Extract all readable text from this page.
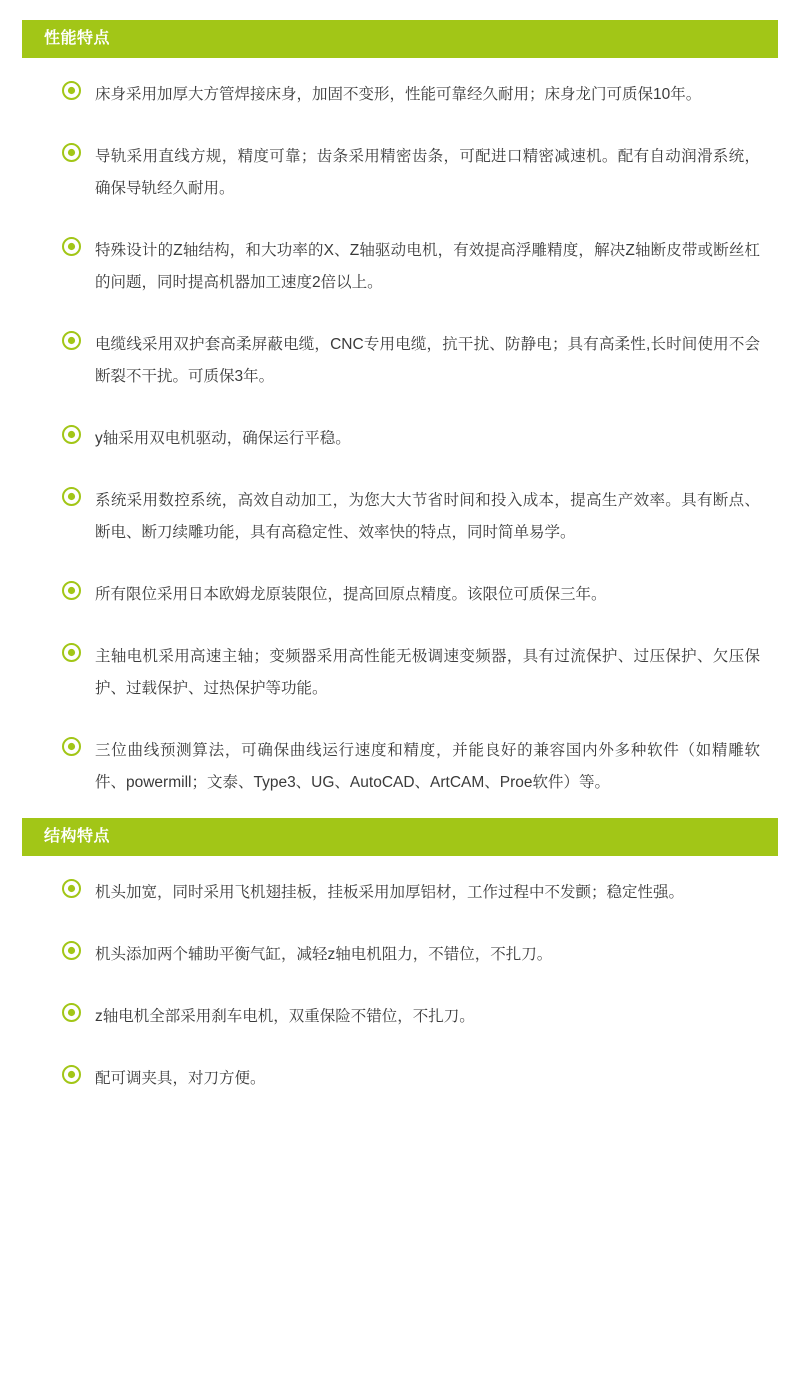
性能特点
床身采用加厚大方管焊接床身，加固不变形，性能可靠经久耐用；床身龙门可质保10年。
导轨采用直线方规，精度可靠；齿条采用精密齿条，可配进口精密减速机。配有自动润滑系统，确保导轨经久耐用。
特殊设计的Z轴结构，和大功率的X、Z轴驱动电机，有效提高浮雕精度，解决Z轴断皮带或断丝杠的问题，同时提高机器加工速度2倍以上。
电缆线采用双护套高柔屏蔽电缆，CNC专用电缆，抗干扰、防静电；具有高柔性,长时间使用不会断裂不干扰。可质保3年。
y轴采用双电机驱动，确保运行平稳。
系统采用数控系统，高效自动加工，为您大大节省时间和投入成本，提高生产效率。具有断点、断电、断刀续雕功能，具有高稳定性、效率快的特点，同时简单易学。
所有限位采用日本欧姆龙原装限位，提高回原点精度。该限位可质保三年。
主轴电机采用高速主轴；变频器采用高性能无极调速变频器，具有过流保护、过压保护、欠压保护、过载保护、过热保护等功能。
三位曲线预测算法，可确保曲线运行速度和精度，并能良好的兼容国内外多种软件（如精雕软件、powermill；文泰、Type3、UG、AutoCAD、ArtCAM、Proe软件）等。
结构特点
机头加宽，同时采用飞机翅挂板，挂板采用加厚铝材，工作过程中不发颤；稳定性强。
机头添加两个辅助平衡气缸，减轻z轴电机阻力，不错位，不扎刀。
z轴电机全部采用刹车电机，双重保险不错位，不扎刀。
配可调夹具，对刀方便。
